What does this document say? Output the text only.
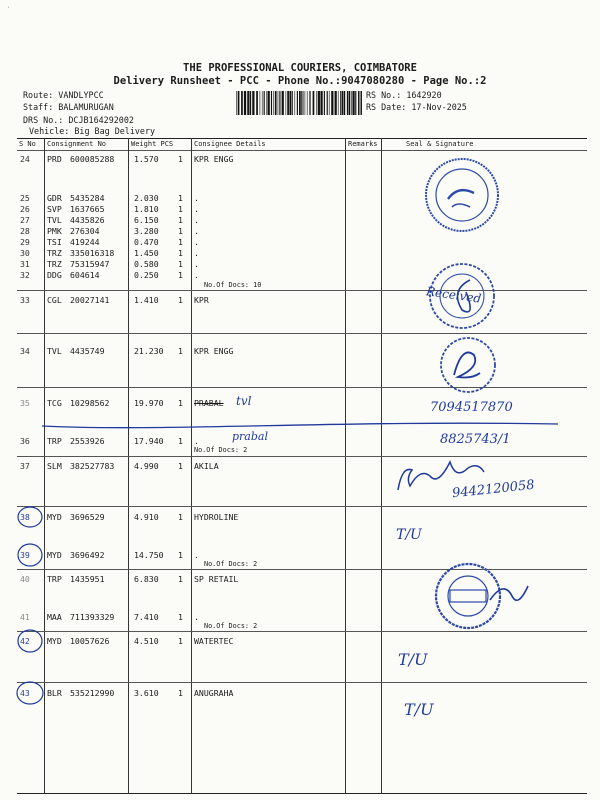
THE PROFESSIONAL COURIERS, COIMBATORE
Delivery Runsheet - PCC - Phone No.:9047080280 - Page No.:2
Route: VANDLYPCC
Staff: BALAMURUGAN
DRS No.: DCJB164292002
Vehicle: Big Bag Delivery
RS No.: 1642920
RS Date: 17-Nov-2025
S No Consignment No	Weight PCS	Consignee Details	Remarks	Seal & Signature
24 PRD 600085288 1.570 1 KPR ENGG
25 GDR 5435284	2.030 1 .
26 SVP 1637665	1.810 1 .
27 TVL 4435826	6.150 1 .
28 PMK 276304	3.280 1 .
29 TSI 419244	0.470 1 .
30 TRZ 335016318 1.450 1 .
31 TRZ 75315947	0.580 1 .
32 DDG 604614	0.250 1 .
No.Of Docs: 10
33 CGL 20027141	1.410 1 KPR
34 TVL 4435749	21.230 1 KPR ENGG
35 TCG 10298562	19.970 1 PRABAL
36 TRP 2553926	17.940 1 .
No.Of Docs: 2
37 SLM 382527783 4.990 1 AKILA
38 MYD 3696529	4.910 1 HYDROLINE
39 MYD 3696492	14.750 1 .
No.Of Docs: 2
40 TRP 1435951	6.830 1 SP RETAIL
41 MAA 711393329 7.410 1 .
No.Of Docs: 2
42 MYD 10057626	4.510 1 WATERTEC
43 BLR 535212990 3.610 1 ANUGRAHA
Received
tvl	7094517870
prabal	8825743/1
9442120058
T/U
T/U
T/U
˙
